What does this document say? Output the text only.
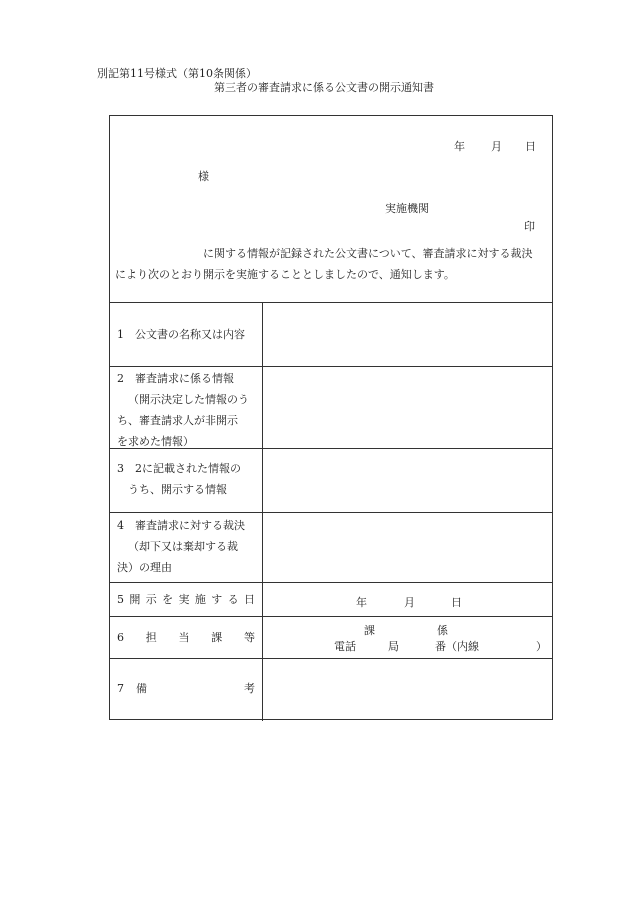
別記第11号様式（第10条関係）
第三者の審査請求に係る公文書の開示通知書
年 月 日
様
実施機関
印
に関する情報が記録された公文書について、審査請求に対する裁決
により次のとおり開示を実施することとしましたので、通知します。
1　公文書の名称又は内容
2　審査請求に係る情報
（開示決定した情報のう
ち、審査請求人が非開示
を求めた情報）
3　2に記載された情報の
うち、開示する情報
4　審査請求に対する裁決
（却下又は棄却する裁
決）の理由
5 開 示 を 実 施 す る 日	年	月	日
6 担 当 課 等
課	係
電話	局	番（内線	）
7	備	考
